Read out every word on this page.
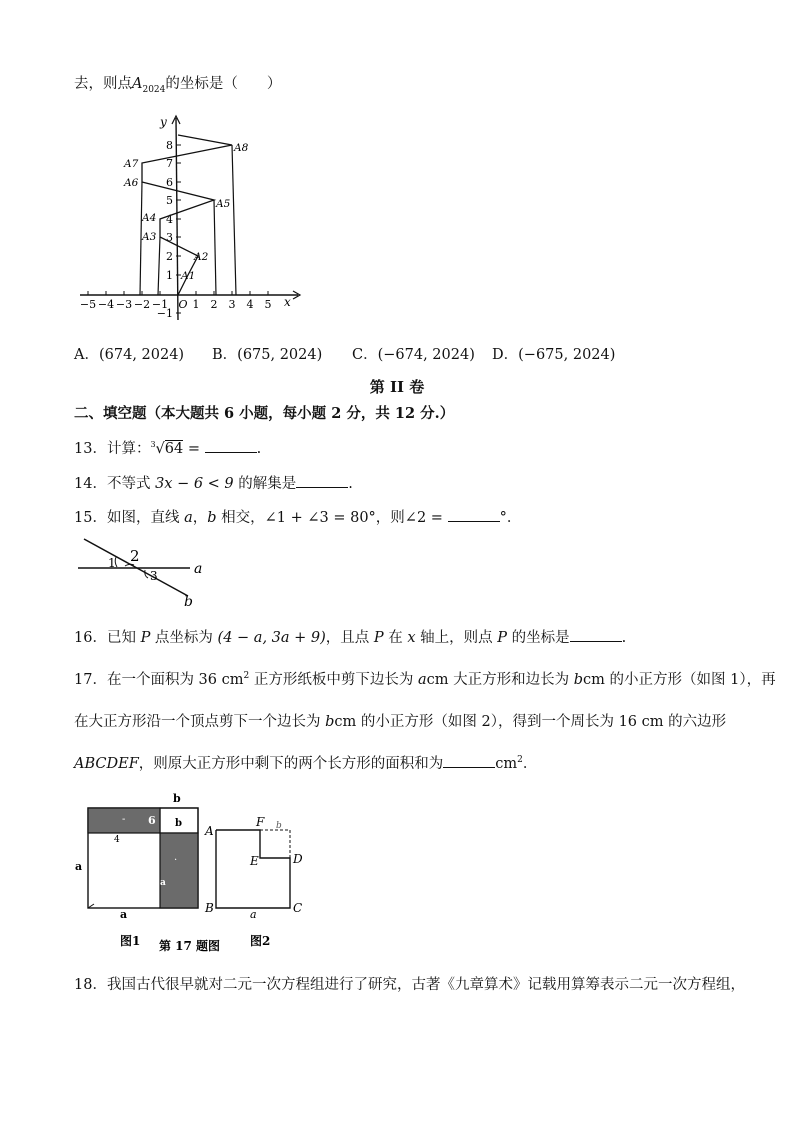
去，则点$A_{2024}$的坐标是（　　）
y
x
−5 −4 −3 −2 −1 O 1 2 3 4 5
8
7
6
5
4
3
2
1
−1
A1
A2
A3
A4
A5
A6
A7
A8
A．(674, 2024) B．(675, 2024) C．(−674, 2024) D．(−675, 2024)
第 II 卷
二、填空题（本大题共 6 小题，每小题 2 分，共 12 分.）
13．计算：$^3$√64 =	.
14．不等式 3x − 6 < 9 的解集是	.
15．如图，直线 a，b 相交，∠1 + ∠3 = 80°，则∠2 =	°．
1 2
3	a
b
16．已知 P 点坐标为 (4 − a, 3a + 9)，且点 P 在 x 轴上，则点 P 的坐标是	.
17．在一个面积为 36 $cm^2$ 正方形纸板中剪下边长为 acm 大正方形和边长为 bcm 的小正方形（如图 1），再
在大正方形沿一个顶点剪下一个边长为 bcm 的小正方形（如图 2），得到一个周长为 16 cm 的六边形
ABCDEF，则原大正方形中剩下的两个长方形的面积和为	$cm^2$．
b
b
6
-
4
.
a
a
a
图1 第 17 题图
A
B	C
D
E
F b
a
图2
18．我国古代很早就对二元一次方程组进行了研究，古著《九章算术》记载用算筹表示二元一次方程组，
